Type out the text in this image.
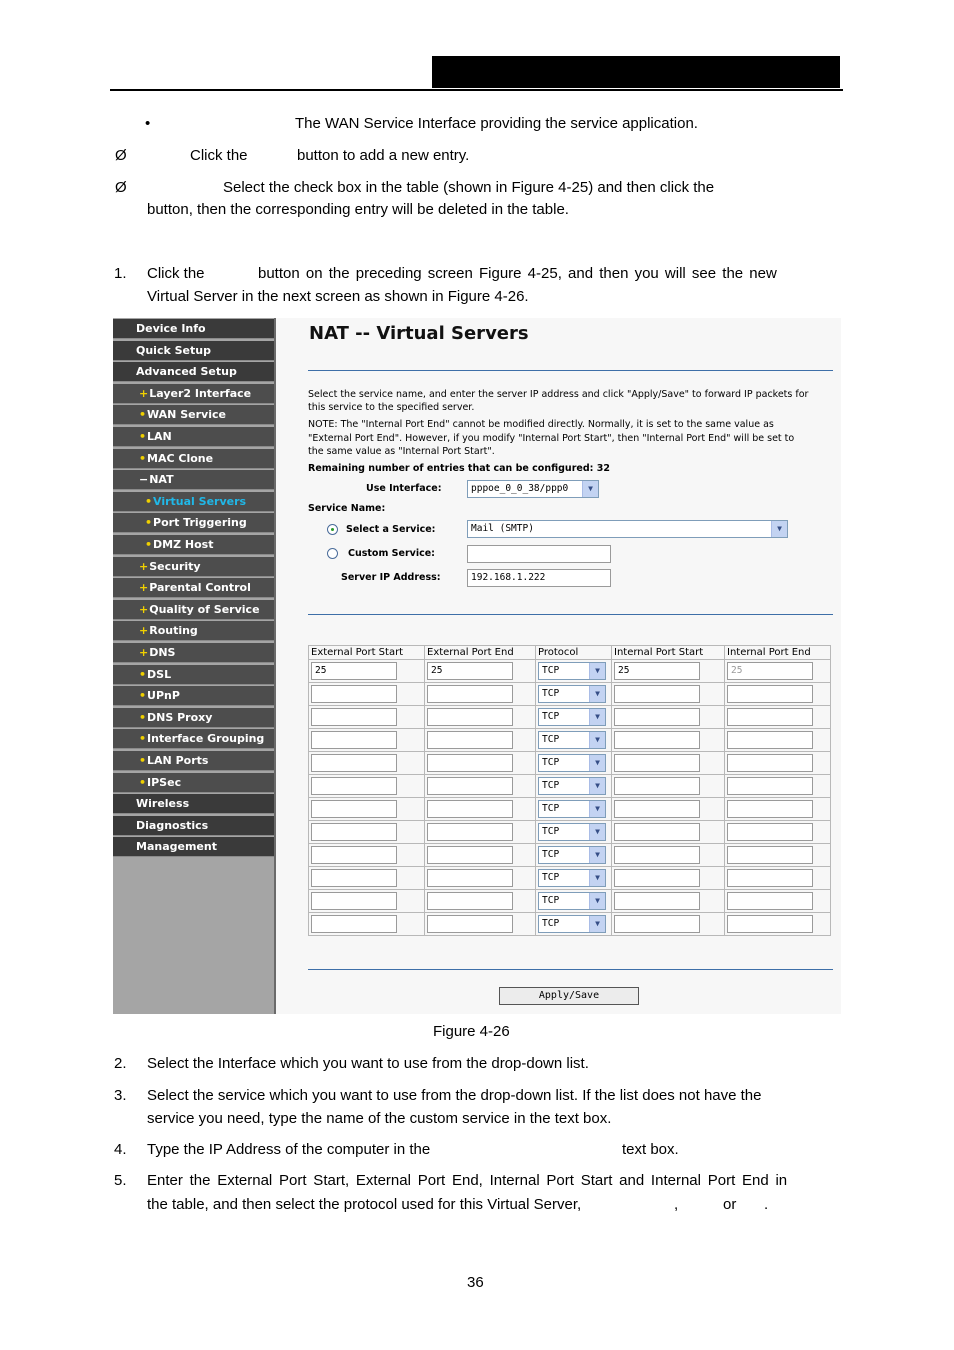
•	The WAN Service Interface providing the service application.
Ø	Click the	button to add a new entry.
Ø	Select the check box in the table (shown in Figure 4-25) and then click the
button, then the corresponding entry will be deleted in the table.
1. Click the	button on the preceding screen Figure 4-25, and then you will see the new
Virtual Server in the next screen as shown in Figure 4-26.
Device Info
Quick Setup
Advanced Setup
+Layer2 Interface
•WAN Service
•LAN
•MAC Clone
−NAT
•Virtual Servers
•Port Triggering
•DMZ Host
+Security
+Parental Control
+Quality of Service
+Routing
+DNS
•DSL
•UPnP
•DNS Proxy
•Interface Grouping
•LAN Ports
•IPSec
Wireless
Diagnostics
Management
NAT -- Virtual Servers
Select the service name, and enter the server IP address and click "Apply/Save" to forward IP packets for
this service to the specified server.
NOTE: The "Internal Port End" cannot be modified directly. Normally, it is set to the same value as
"External Port End". However, if you modify "Internal Port Start", then "Internal Port End" will be set to
the same value as "Internal Port Start".
Remaining number of entries that can be configured: 32
Use Interface:	pppoe_0_0_38/ppp0	▼
Service Name:
Select a Service:	Mail (SMTP)	▼
Custom Service:
Server IP Address:	192.168.1.222
External Port Start	External Port End	Protocol	Internal Port Start	Internal Port End

25	25	TCP ▼	25	25

		TCP ▼		

		TCP ▼		

		TCP ▼		

		TCP ▼		

		TCP ▼		

		TCP ▼		

		TCP ▼		

		TCP ▼		

		TCP ▼		

		TCP ▼		

		TCP ▼		

Apply/Save
Figure 4-26
2. Select the Interface which you want to use from the drop-down list.
3. Select the service which you want to use from the drop-down list. If the list does not have the
service you need, type the name of the custom service in the text box.
4. Type the IP Address of the computer in the	text box.
5. Enter the External Port Start, External Port End, Internal Port Start and Internal Port End in
the table, and then select the protocol used for this Virtual Server,	,	or .
36
